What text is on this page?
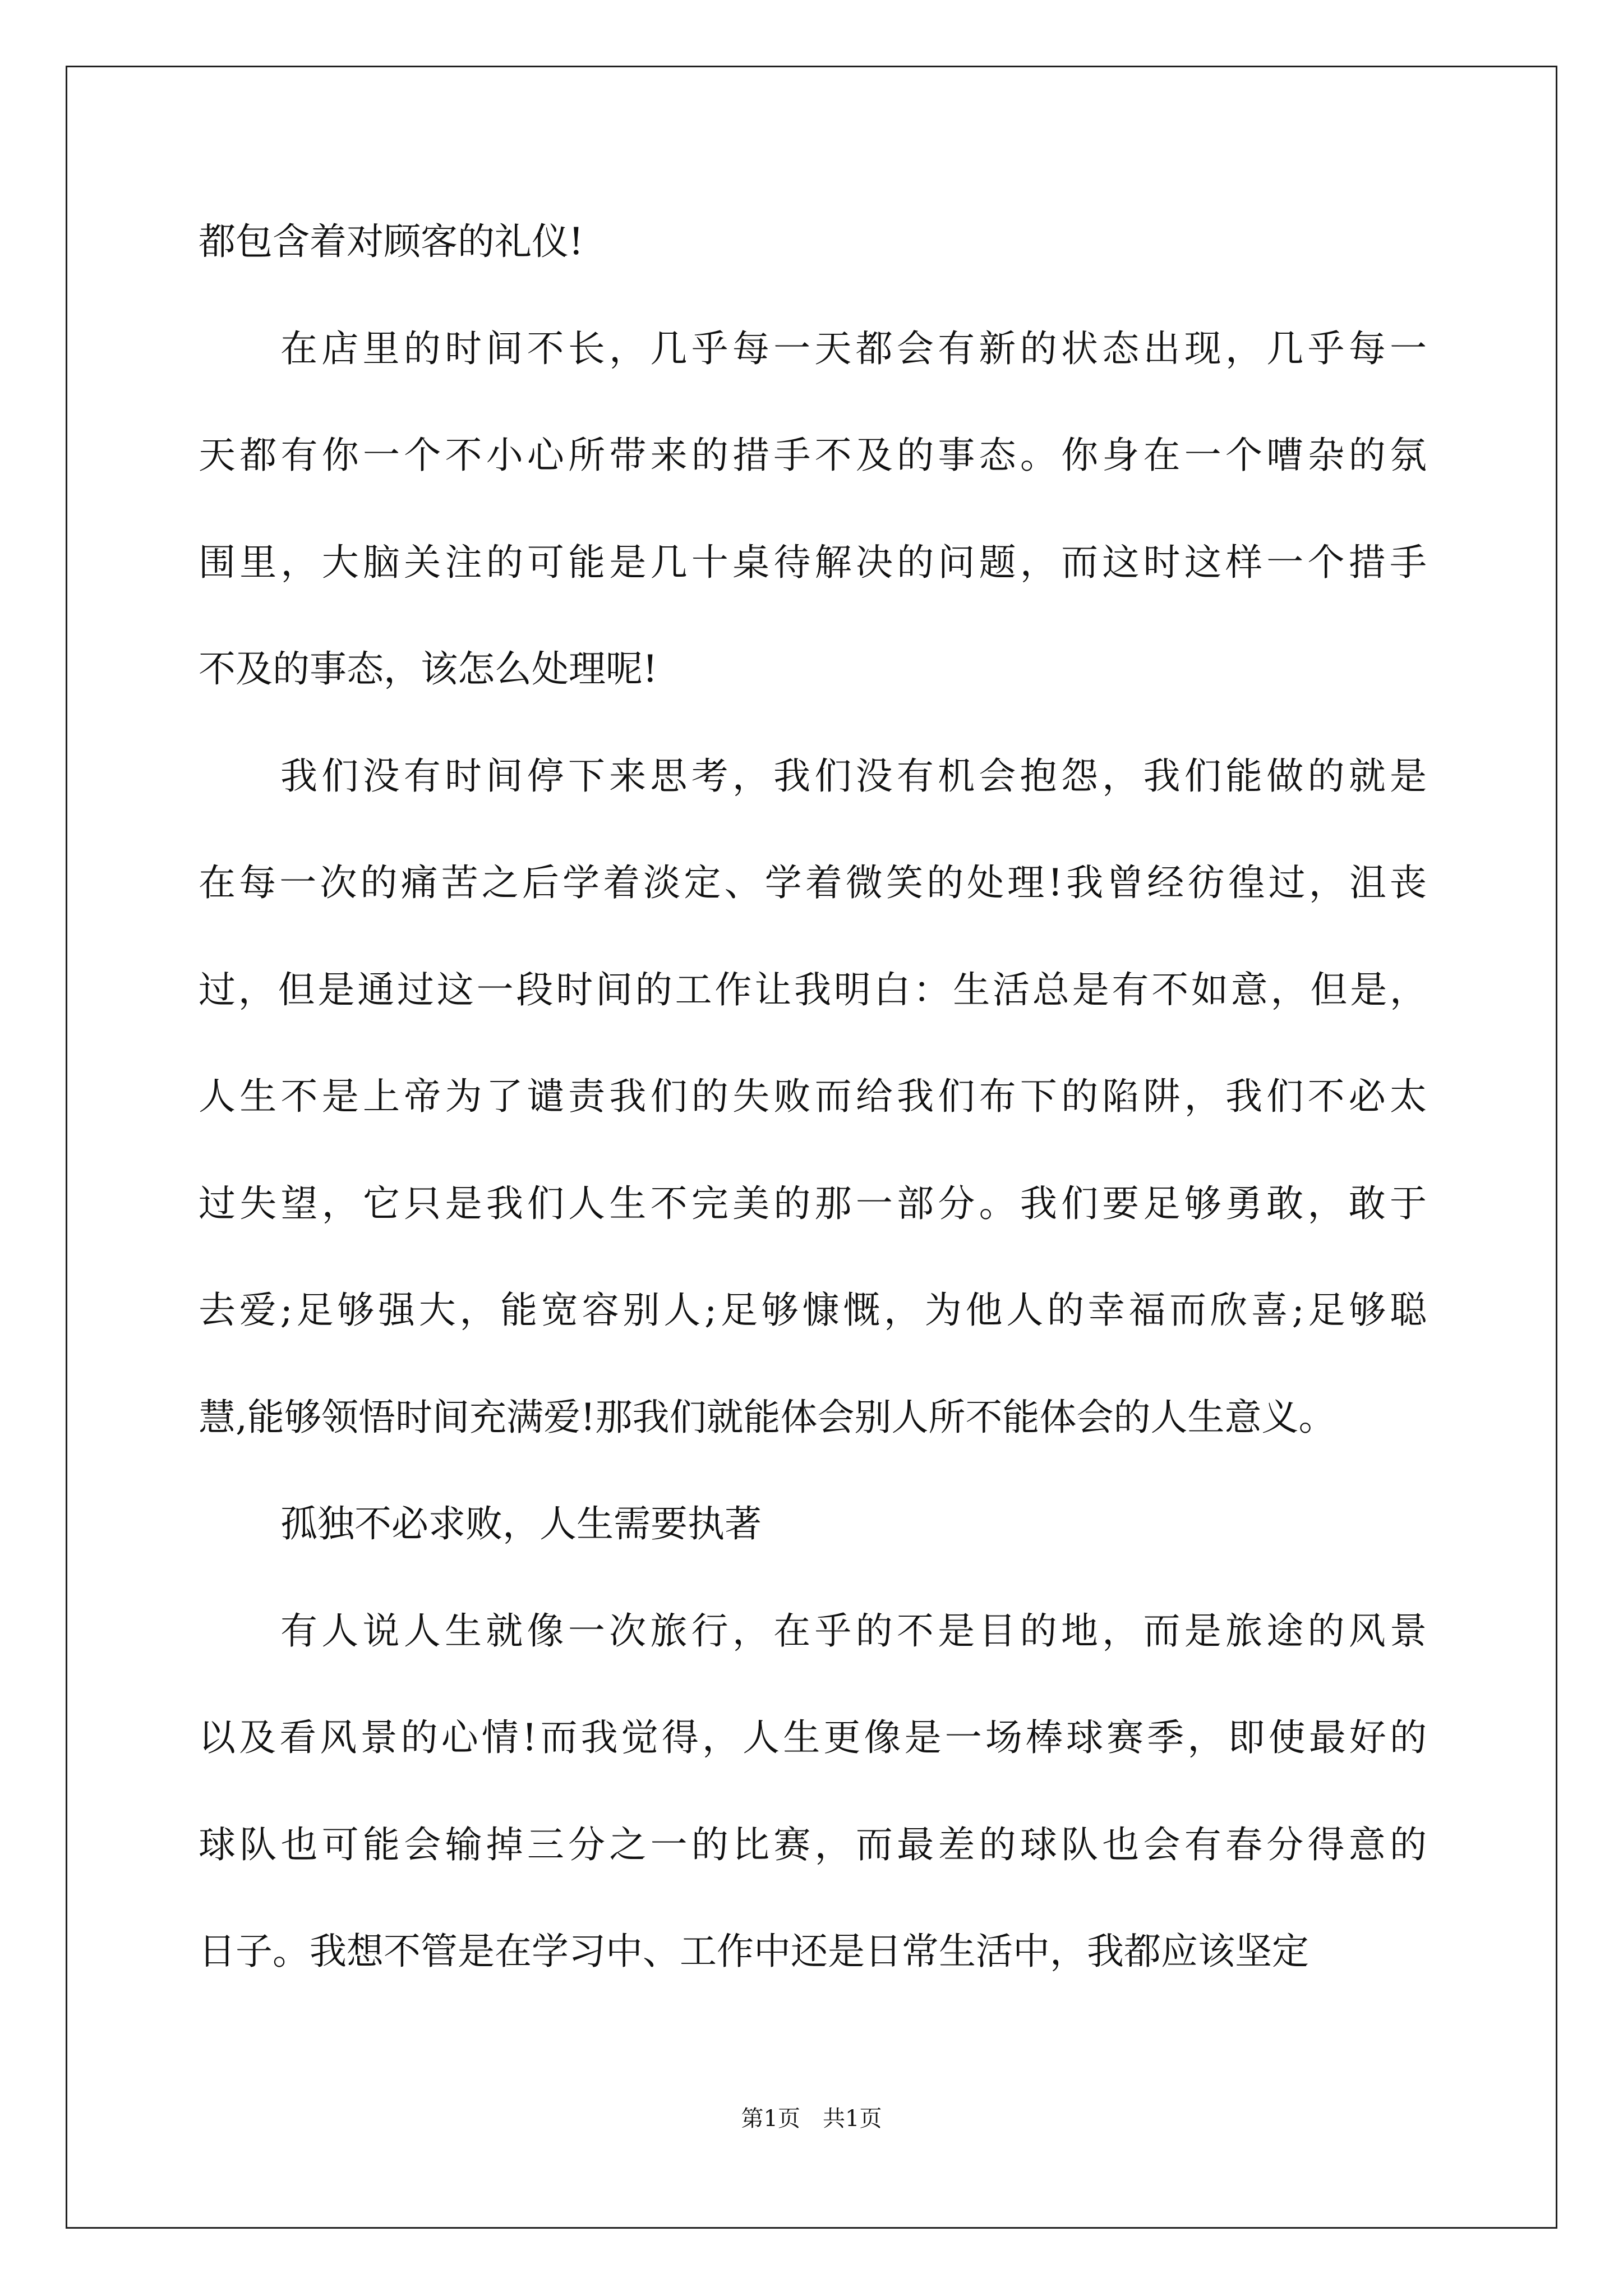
都包含着对顾客的礼仪!
在店里的时间不长，几乎每一天都会有新的状态出现，几乎每一
天都有你一个不小心所带来的措手不及的事态。你身在一个嘈杂的氛
围里，大脑关注的可能是几十桌待解决的问题，而这时这样一个措手
不及的事态，该怎么处理呢!
我们没有时间停下来思考，我们没有机会抱怨，我们能做的就是
在每一次的痛苦之后学着淡定、学着微笑的处理!我曾经彷徨过，沮丧
过，但是通过这一段时间的工作让我明白：生活总是有不如意，但是，
人生不是上帝为了谴责我们的失败而给我们布下的陷阱，我们不必太
过失望，它只是我们人生不完美的那一部分。我们要足够勇敢，敢于
去爱;足够强大，能宽容别人;足够慷慨，为他人的幸福而欣喜;足够聪
慧,能够领悟时间充满爱!那我们就能体会别人所不能体会的人生意义。
孤独不必求败，人生需要执著
有人说人生就像一次旅行，在乎的不是目的地，而是旅途的风景
以及看风景的心情!而我觉得，人生更像是一场棒球赛季，即使最好的
球队也可能会输掉三分之一的比赛，而最差的球队也会有春分得意的
日子。我想不管是在学习中、工作中还是日常生活中，我都应该坚定
第1页　共1页
